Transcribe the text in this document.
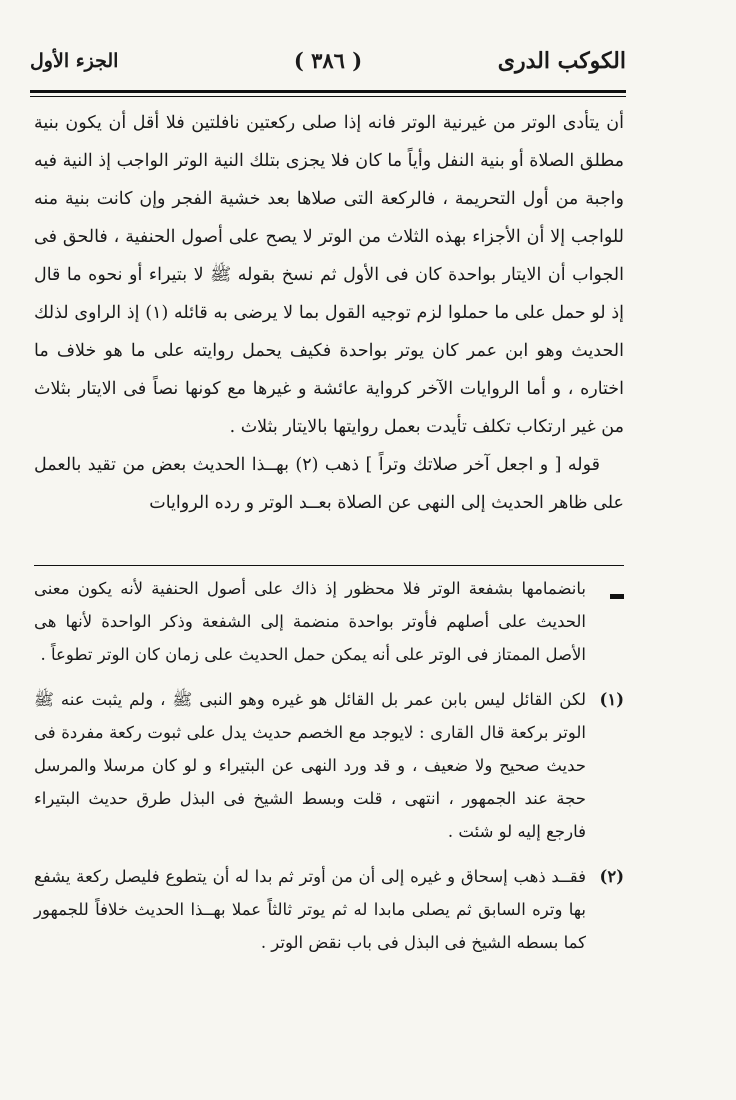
الكوكب الدرى
( ٣٨٦ )
الجزء الأول

أن يتأدى الوتر من غيرنية الوتر فانه إذا صلى ركعتين نافلتين فلا أقل أن يكون بنية مطلق الصلاة أو بنية النفل وأياً ما كان فلا يجزى بتلك النية الوتر الواجب إذ النية فيه واجبة من أول التحريمة ، فالركعة التى صلاها بعد خشية الفجر وإن كانت بنية منه للواجب إلا أن الأجزاء بهذه الثلاث من الوتر لا يصح على أصول الحنفية ، فالحق فى الجواب أن الايتار بواحدة كان فى الأول ثم نسخ بقوله ﷺ لا بتيراء أو نحوه ما قال إذ لو حمل على ما حملوا لزم توجيه القول بما لا يرضى به قائله (١) إذ الراوى لذلك الحديث وهو ابن عمر كان يوتر بواحدة فكيف يحمل روايته على ما هو خلاف ما اختاره ، و أما الروايات الآخر كرواية عائشة و غيرها مع كونها نصاً فى الايتار بثلاث من غير ارتكاب تكلف تأيدت بعمل روايتها بالايتار بثلاث .

قوله [ و اجعل آخر صلاتك وتراً ] ذهب (٢) بهــذا الحديث بعض من تقيد بالعمل على ظاهر الحديث إلى النهى عن الصلاة بعــد الوتر و رده الروايات

بانضمامها بشفعة الوتر فلا محظور إذ ذاك على أصول الحنفية لأنه يكون معنى الحديث على أصلهم فأوتر بواحدة منضمة إلى الشفعة وذكر الواحدة لأنها هى الأصل الممتاز فى الوتر على أنه يمكن حمل الحديث على زمان كان الوتر تطوعاً .
(١)
لكن القائل ليس بابن عمر بل القائل هو غيره وهو النبى ﷺ ، ولم يثبت عنه ﷺ الوتر بركعة قال القارى : لايوجد مع الخصم حديث يدل على ثبوت ركعة مفردة فى حديث صحيح ولا ضعيف ، و قد ورد النهى عن البتيراء و لو كان مرسلا والمرسل حجة عند الجمهور ، انتهى ، قلت وبسط الشيخ فى البذل طرق حديث البتيراء فارجع إليه لو شئت .
(٢)
فقــد ذهب إسحاق و غيره إلى أن من أوتر ثم بدا له أن يتطوع فليصل ركعة يشفع بها وتره السابق ثم يصلى مابدا له ثم يوتر ثالثاً عملا بهــذا الحديث خلافاً للجمهور كما بسطه الشيخ فى البذل فى باب نقض الوتر .
